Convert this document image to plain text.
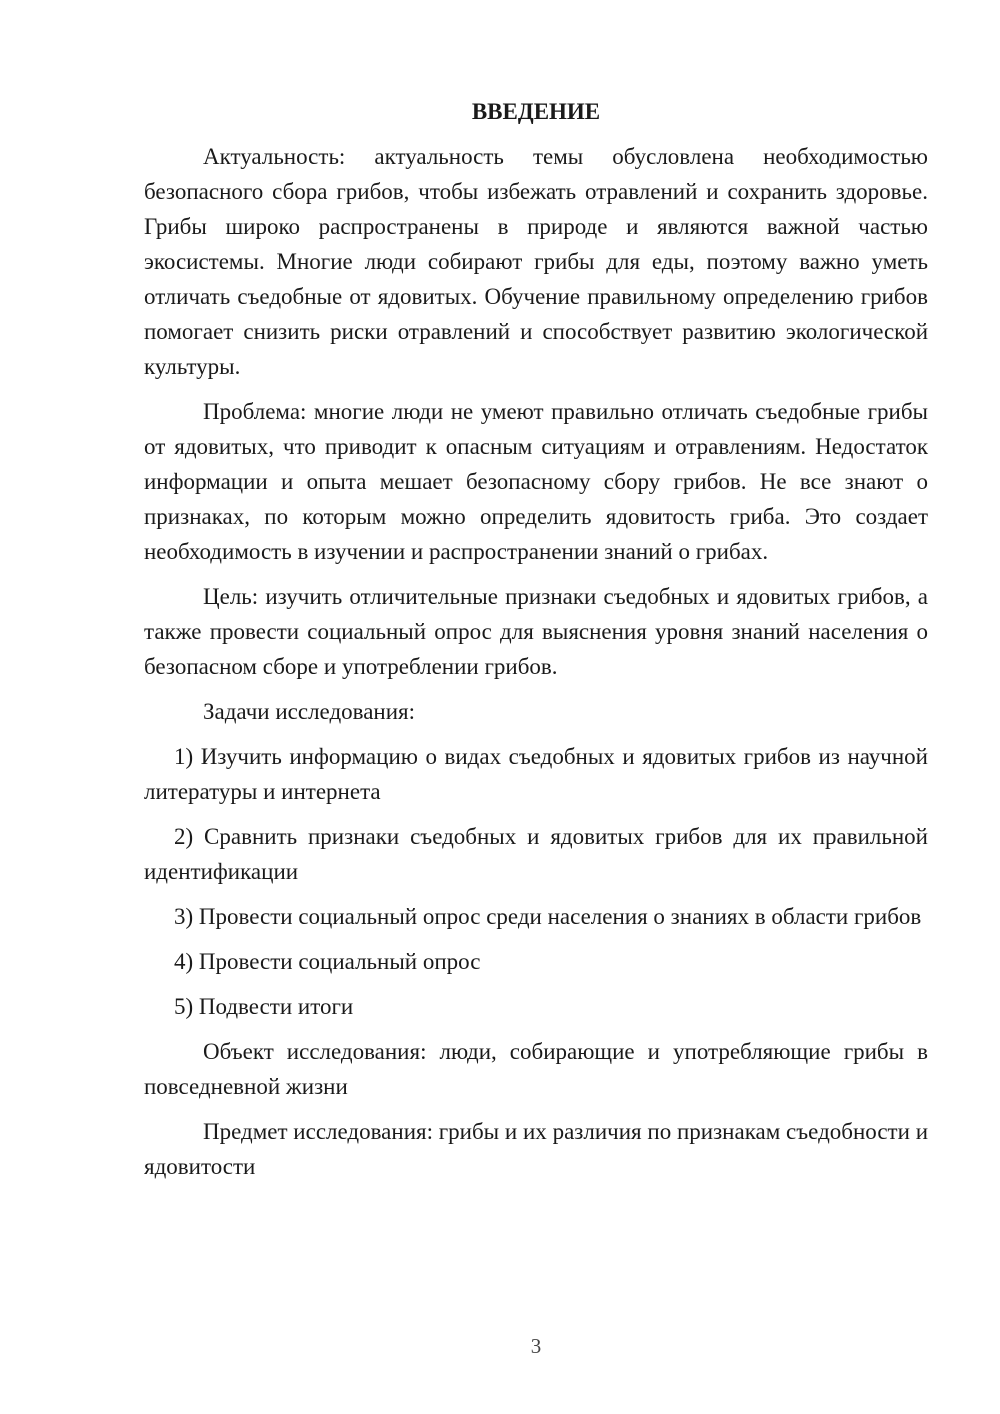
ВВЕДЕНИЕ

Актуальность: актуальность темы обусловлена необходимостью безопасного сбора грибов, чтобы избежать отравлений и сохранить здоровье. Грибы широко распространены в природе и являются важной частью экосистемы. Многие люди собирают грибы для еды, поэтому важно уметь отличать съедобные от ядовитых. Обучение правильному определению грибов помогает снизить риски отравлений и способствует развитию экологической культуры.

Проблема: многие люди не умеют правильно отличать съедобные грибы от ядовитых, что приводит к опасным ситуациям и отравлениям. Недостаток информации и опыта мешает безопасному сбору грибов. Не все знают о признаках, по которым можно определить ядовитость гриба. Это создает необходимость в изучении и распространении знаний о грибах.

Цель: изучить отличительные признаки съедобных и ядовитых грибов, а также провести социальный опрос для выяснения уровня знаний населения о безопасном сборе и употреблении грибов.

Задачи исследования:

1) Изучить информацию о видах съедобных и ядовитых грибов из научной литературы и интернета

2) Сравнить признаки съедобных и ядовитых грибов для их правильной идентификации

3) Провести социальный опрос среди населения о знаниях в области грибов

4) Провести социальный опрос

5) Подвести итоги

Объект исследования: люди, собирающие и употребляющие грибы в повседневной жизни

Предмет исследования: грибы и их различия по признакам съедобности и ядовитости

3
